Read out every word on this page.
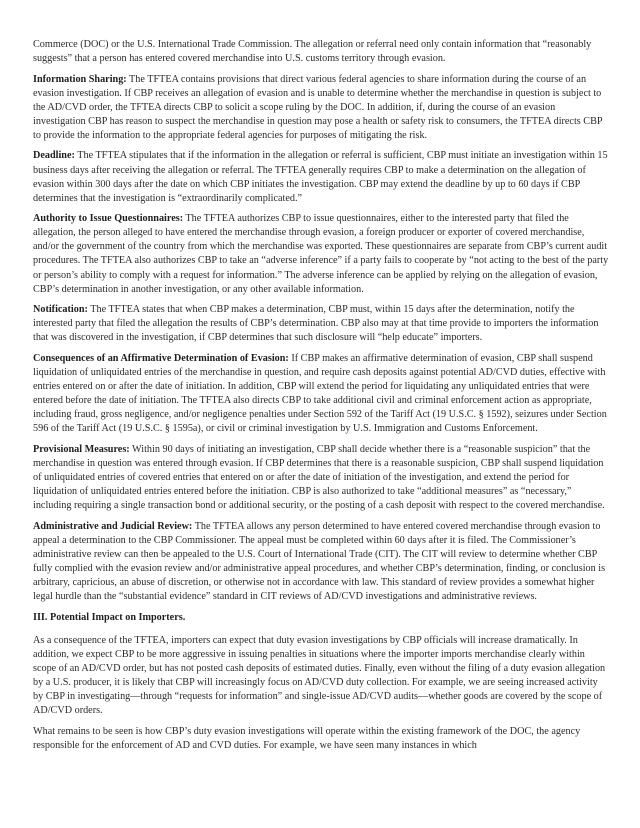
Commerce (DOC) or the U.S. International Trade Commission. The allegation or referral need only contain information that “reasonably suggests” that a person has entered covered merchandise into U.S. customs territory through evasion.

Information Sharing: The TFTEA contains provisions that direct various federal agencies to share information during the course of an evasion investigation. If CBP receives an allegation of evasion and is unable to determine whether the merchandise in question is subject to the AD/CVD order, the TFTEA directs CBP to solicit a scope ruling by the DOC. In addition, if, during the course of an evasion investigation CBP has reason to suspect the merchandise in question may pose a health or safety risk to consumers, the TFTEA directs CBP to provide the information to the appropriate federal agencies for purposes of mitigating the risk.

Deadline: The TFTEA stipulates that if the information in the allegation or referral is sufficient, CBP must initiate an investigation within 15 business days after receiving the allegation or referral. The TFTEA generally requires CBP to make a determination on the allegation of evasion within 300 days after the date on which CBP initiates the investigation. CBP may extend the deadline by up to 60 days if CBP determines that the investigation is “extraordinarily complicated.”

Authority to Issue Questionnaires: The TFTEA authorizes CBP to issue questionnaires, either to the interested party that filed the allegation, the person alleged to have entered the merchandise through evasion, a foreign producer or exporter of covered merchandise, and/or the government of the country from which the merchandise was exported. These questionnaires are separate from CBP’s current audit procedures. The TFTEA also authorizes CBP to take an “adverse inference” if a party fails to cooperate by “not acting to the best of the party or person’s ability to comply with a request for information.” The adverse inference can be applied by relying on the allegation of evasion, CBP’s determination in another investigation, or any other available information.

Notification: The TFTEA states that when CBP makes a determination, CBP must, within 15 days after the determination, notify the interested party that filed the allegation the results of CBP’s determination. CBP also may at that time provide to importers the information that was discovered in the investigation, if CBP determines that such disclosure will “help educate” importers.

Consequences of an Affirmative Determination of Evasion: If CBP makes an affirmative determination of evasion, CBP shall suspend liquidation of unliquidated entries of the merchandise in question, and require cash deposits against potential AD/CVD duties, effective with entries entered on or after the date of initiation. In addition, CBP will extend the period for liquidating any unliquidated entries that were entered before the date of initiation. The TFTEA also directs CBP to take additional civil and criminal enforcement action as appropriate, including fraud, gross negligence, and/or negligence penalties under Section 592 of the Tariff Act (19 U.S.C. § 1592), seizures under Section 596 of the Tariff Act (19 U.S.C. § 1595a), or civil or criminal investigation by U.S. Immigration and Customs Enforcement.

Provisional Measures: Within 90 days of initiating an investigation, CBP shall decide whether there is a “reasonable suspicion” that the merchandise in question was entered through evasion. If CBP determines that there is a reasonable suspicion, CBP shall suspend liquidation of unliquidated entries of covered entries that entered on or after the date of initiation of the investigation, and extend the period for liquidation of unliquidated entries entered before the initiation. CBP is also authorized to take “additional measures” as “necessary,” including requiring a single transaction bond or additional security, or the posting of a cash deposit with respect to the covered merchandise.

Administrative and Judicial Review: The TFTEA allows any person determined to have entered covered merchandise through evasion to appeal a determination to the CBP Commissioner. The appeal must be completed within 60 days after it is filed. The Commissioner’s administrative review can then be appealed to the U.S. Court of International Trade (CIT). The CIT will review to determine whether CBP fully complied with the evasion review and/or administrative appeal procedures, and whether CBP’s determination, finding, or conclusion is arbitrary, capricious, an abuse of discretion, or otherwise not in accordance with law. This standard of review provides a somewhat higher legal hurdle than the “substantial evidence” standard in CIT reviews of AD/CVD investigations and administrative reviews.

III. Potential Impact on Importers.

As a consequence of the TFTEA, importers can expect that duty evasion investigations by CBP officials will increase dramatically. In addition, we expect CBP to be more aggressive in issuing penalties in situations where the importer imports merchandise clearly within scope of an AD/CVD order, but has not posted cash deposits of estimated duties. Finally, even without the filing of a duty evasion allegation by a U.S. producer, it is likely that CBP will increasingly focus on AD/CVD duty collection. For example, we are seeing increased activity by CBP in investigating—through “requests for information” and single-issue AD/CVD audits—whether goods are covered by the scope of AD/CVD orders.

What remains to be seen is how CBP’s duty evasion investigations will operate within the existing framework of the DOC, the agency responsible for the enforcement of AD and CVD duties. For example, we have seen many instances in which
